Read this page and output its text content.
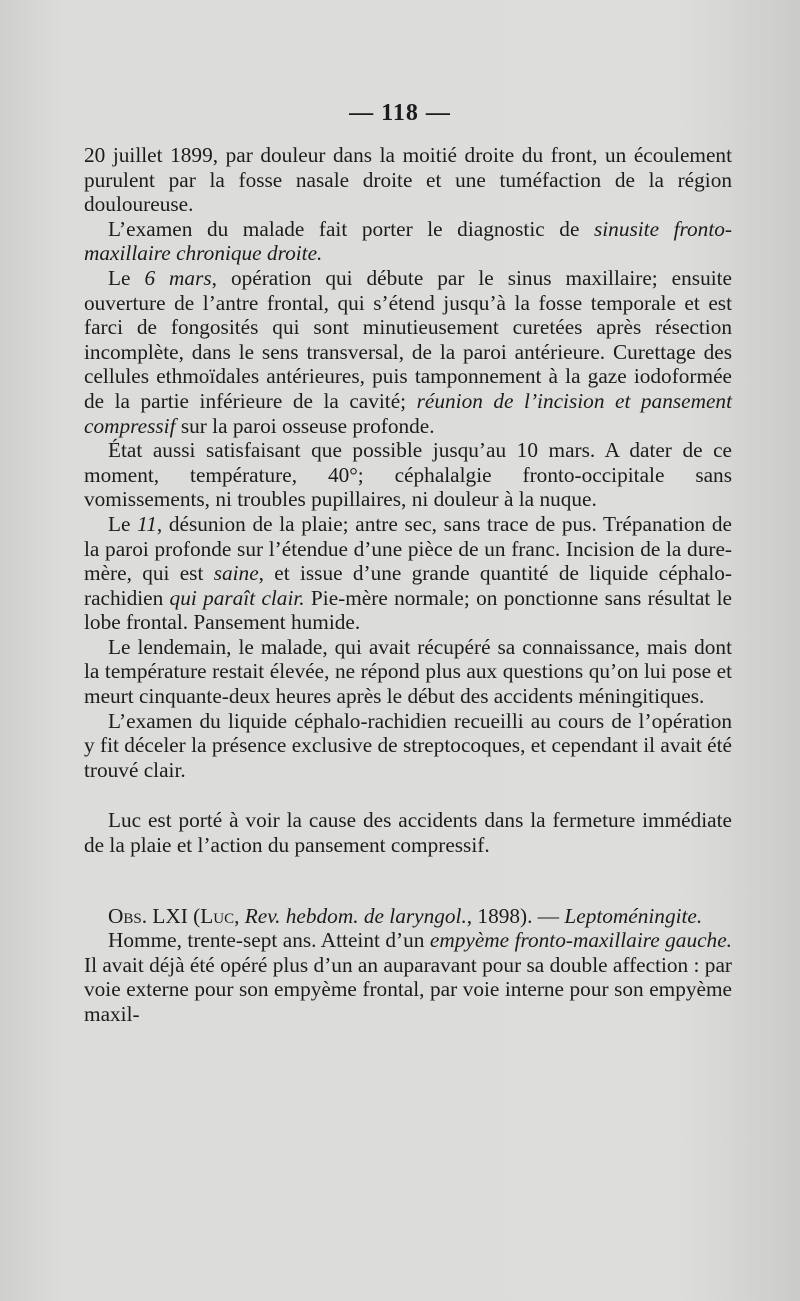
— 118 —

20 juillet 1899, par douleur dans la moitié droite du front, un écoulement purulent par la fosse nasale droite et une tuméfaction de la région douloureuse.

L’examen du malade fait porter le diagnostic de sinusite fronto-maxillaire chronique droite.

Le 6 mars, opération qui débute par le sinus maxillaire; ensuite ouverture de l’antre frontal, qui s’étend jusqu’à la fosse temporale et est farci de fongosités qui sont minutieusement curetées après résection incomplète, dans le sens transversal, de la paroi antérieure. Curettage des cellules ethmoïdales antérieures, puis tamponnement à la gaze iodoformée de la partie inférieure de la cavité; réunion de l’incision et pansement compressif sur la paroi osseuse profonde.

État aussi satisfaisant que possible jusqu’au 10 mars. A dater de ce moment, température, 40°; céphalalgie fronto-occipitale sans vomissements, ni troubles pupillaires, ni douleur à la nuque.

Le 11, désunion de la plaie; antre sec, sans trace de pus. Trépanation de la paroi profonde sur l’étendue d’une pièce de un franc. Incision de la dure-mère, qui est saine, et issue d’une grande quantité de liquide céphalo-rachidien qui paraît clair. Pie-mère normale; on ponctionne sans résultat le lobe frontal. Pansement humide.

Le lendemain, le malade, qui avait récupéré sa connaissance, mais dont la température restait élevée, ne répond plus aux questions qu’on lui pose et meurt cinquante-deux heures après le début des accidents méningitiques.

L’examen du liquide céphalo-rachidien recueilli au cours de l’opération y fit déceler la présence exclusive de streptocoques, et cependant il avait été trouvé clair.

Luc est porté à voir la cause des accidents dans la fermeture immédiate de la plaie et l’action du pansement compressif.

Obs. LXI (Luc, Rev. hebdom. de laryngol., 1898). — Leptoméningite.

Homme, trente-sept ans. Atteint d’un empyème fronto-maxillaire gauche. Il avait déjà été opéré plus d’un an auparavant pour sa double affection : par voie externe pour son empyème frontal, par voie interne pour son empyème maxil-
